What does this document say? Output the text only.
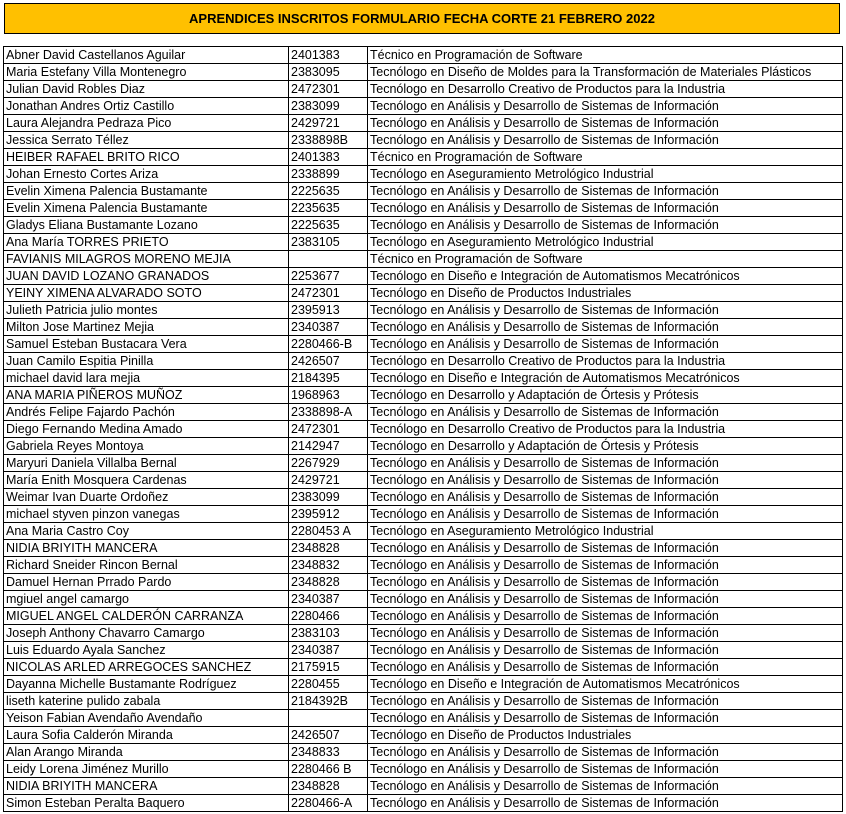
APRENDICES INSCRITOS FORMULARIO FECHA CORTE 21 FEBRERO 2022
Abner David Castellanos Aguilar	2401383	Técnico en Programación de Software
Maria Estefany Villa Montenegro	2383095	Tecnólogo en Diseño de Moldes para la Transformación de Materiales Plásticos
Julian David Robles Diaz	2472301	Tecnólogo en Desarrollo Creativo de Productos para la Industria
Jonathan Andres Ortiz Castillo	2383099	Tecnólogo en Análisis y Desarrollo de Sistemas de Información
Laura Alejandra Pedraza Pico	2429721	Tecnólogo en Análisis y Desarrollo de Sistemas de Información
Jessica Serrato Téllez	2338898B	Tecnólogo en Análisis y Desarrollo de Sistemas de Información
HEIBER RAFAEL BRITO RICO	2401383	Técnico en Programación de Software
Johan Ernesto Cortes Ariza	2338899	Tecnólogo en Aseguramiento Metrológico Industrial
Evelin Ximena Palencia Bustamante	2225635	Tecnólogo en Análisis y Desarrollo de Sistemas de Información
Evelin Ximena Palencia Bustamante	2235635	Tecnólogo en Análisis y Desarrollo de Sistemas de Información
Gladys Eliana Bustamante Lozano	2225635	Tecnólogo en Análisis y Desarrollo de Sistemas de Información
Ana María TORRES PRIETO	2383105	Tecnólogo en Aseguramiento Metrológico Industrial
FAVIANIS MILAGROS MORENO MEJIA		Técnico en Programación de Software
JUAN DAVID LOZANO GRANADOS	2253677	Tecnólogo en Diseño e Integración de Automatismos Mecatrónicos
YEINY XIMENA ALVARADO SOTO	2472301	Tecnólogo en Diseño de Productos Industriales
Julieth Patricia julio montes	2395913	Tecnólogo en Análisis y Desarrollo de Sistemas de Información
Milton Jose Martinez Mejia	2340387	Tecnólogo en Análisis y Desarrollo de Sistemas de Información
Samuel Esteban Bustacara Vera	2280466-B	Tecnólogo en Análisis y Desarrollo de Sistemas de Información
Juan Camilo Espitia Pinilla	2426507	Tecnólogo en Desarrollo Creativo de Productos para la Industria
michael david lara mejia	2184395	Tecnólogo en Diseño e Integración de Automatismos Mecatrónicos
ANA MARIA PIÑEROS MUÑOZ	1968963	Tecnólogo en Desarrollo y Adaptación de Órtesis y Prótesis
Andrés Felipe Fajardo Pachón	2338898-A	Tecnólogo en Análisis y Desarrollo de Sistemas de Información
Diego Fernando Medina Amado	2472301	Tecnólogo en Desarrollo Creativo de Productos para la Industria
Gabriela Reyes Montoya	2142947	Tecnólogo en Desarrollo y Adaptación de Órtesis y Prótesis
Maryuri Daniela Villalba Bernal	2267929	Tecnólogo en Análisis y Desarrollo de Sistemas de Información
María Enith Mosquera Cardenas	2429721	Tecnólogo en Análisis y Desarrollo de Sistemas de Información
Weimar Ivan Duarte Ordoñez	2383099	Tecnólogo en Análisis y Desarrollo de Sistemas de Información
michael styven pinzon vanegas	2395912	Tecnólogo en Análisis y Desarrollo de Sistemas de Información
Ana Maria Castro Coy	2280453 A	Tecnólogo en Aseguramiento Metrológico Industrial
NIDIA BRIYITH MANCERA	2348828	Tecnólogo en Análisis y Desarrollo de Sistemas de Información
Richard Sneider Rincon Bernal	2348832	Tecnólogo en Análisis y Desarrollo de Sistemas de Información
Damuel Hernan Prrado Pardo	2348828	Tecnólogo en Análisis y Desarrollo de Sistemas de Información
mgiuel angel camargo	2340387	Tecnólogo en Análisis y Desarrollo de Sistemas de Información
MIGUEL ANGEL CALDERÓN CARRANZA	2280466	Tecnólogo en Análisis y Desarrollo de Sistemas de Información
Joseph Anthony Chavarro Camargo	2383103	Tecnólogo en Análisis y Desarrollo de Sistemas de Información
Luis Eduardo Ayala Sanchez	2340387	Tecnólogo en Análisis y Desarrollo de Sistemas de Información
NICOLAS ARLED ARREGOCES SANCHEZ	2175915	Tecnólogo en Análisis y Desarrollo de Sistemas de Información
Dayanna Michelle Bustamante Rodríguez	2280455	Tecnólogo en Diseño e Integración de Automatismos Mecatrónicos
liseth katerine pulido zabala	2184392B	Tecnólogo en Análisis y Desarrollo de Sistemas de Información
Yeison Fabian Avendaño Avendaño		Tecnólogo en Análisis y Desarrollo de Sistemas de Información
Laura Sofia Calderón Miranda	2426507	Tecnólogo en Diseño de Productos Industriales
Alan Arango Miranda	2348833	Tecnólogo en Análisis y Desarrollo de Sistemas de Información
Leidy Lorena Jiménez Murillo	2280466 B	Tecnólogo en Análisis y Desarrollo de Sistemas de Información
NIDIA BRIYITH MANCERA	2348828	Tecnólogo en Análisis y Desarrollo de Sistemas de Información
Simon Esteban Peralta Baquero	2280466-A	Tecnólogo en Análisis y Desarrollo de Sistemas de Información
